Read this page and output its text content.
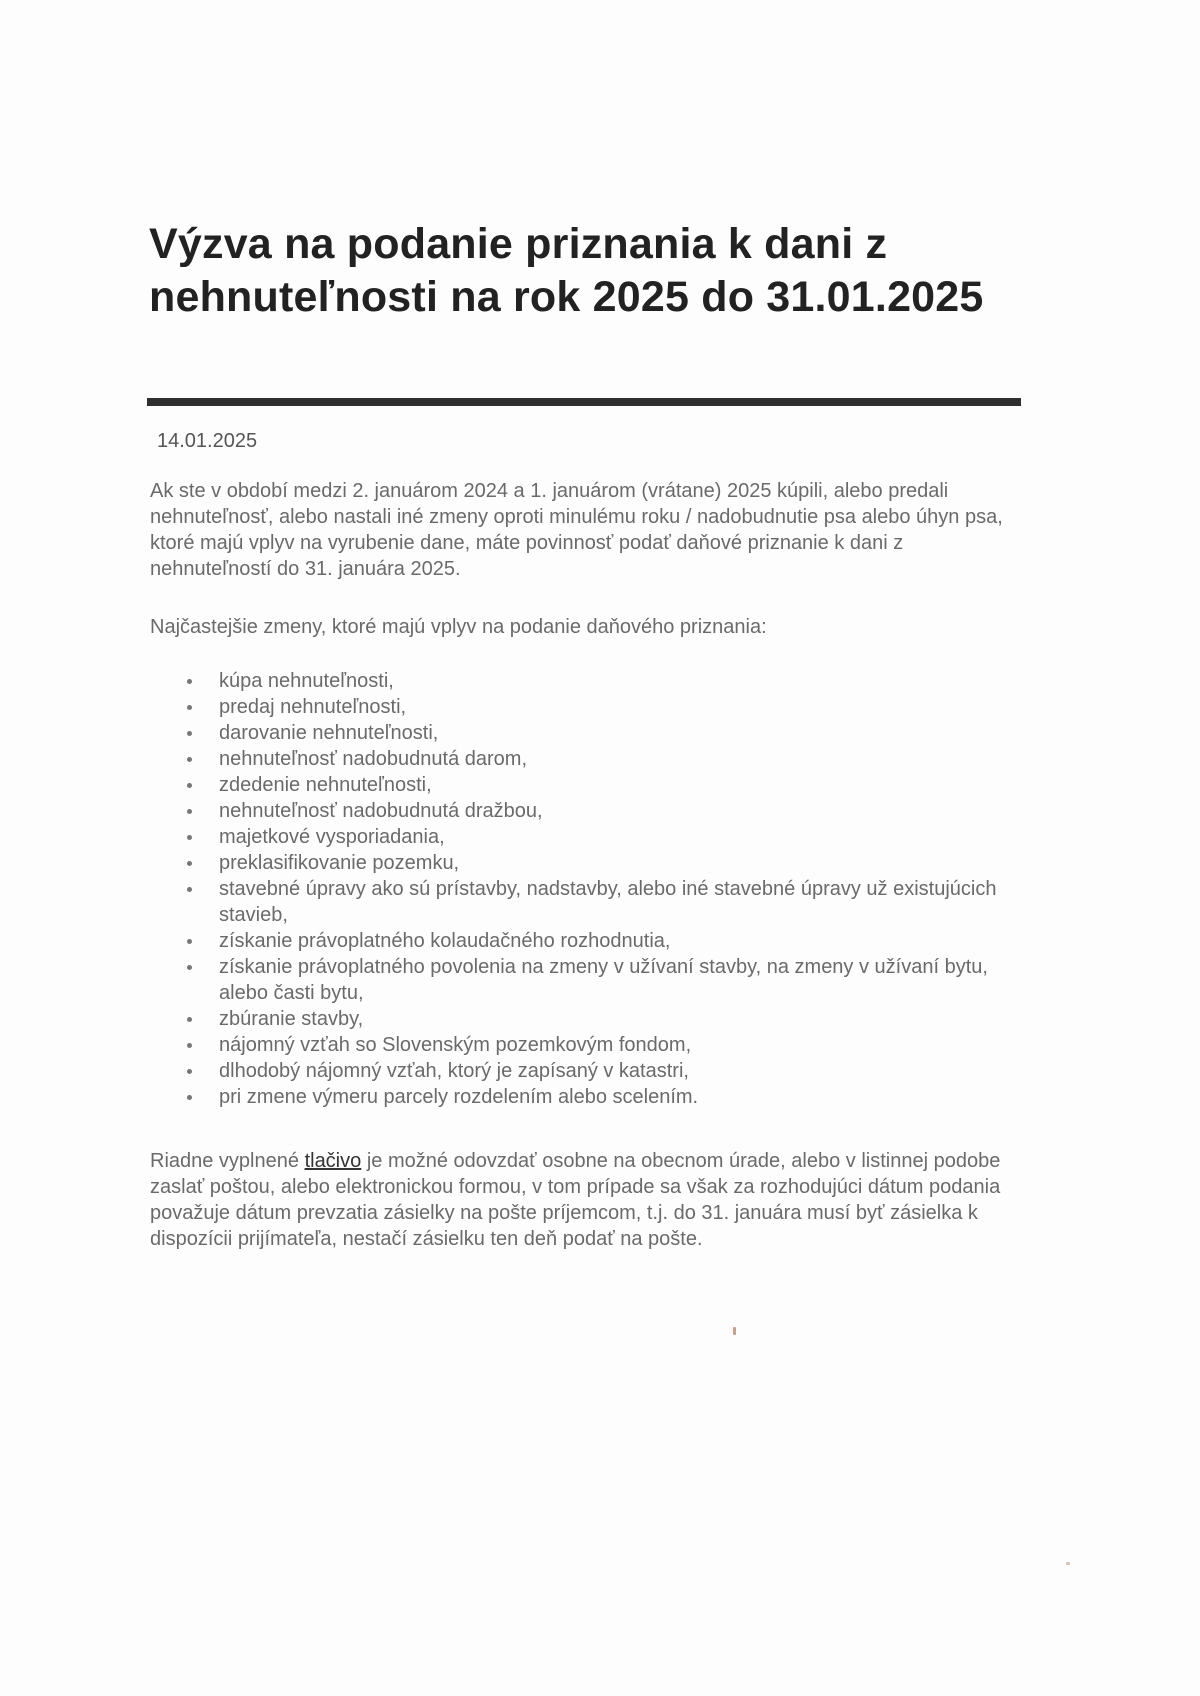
Výzva na podanie priznania k dani z nehnuteľnosti na rok 2025 do 31.01.2025
14.01.2025

Ak ste v období medzi 2. januárom 2024 a 1. januárom (vrátane) 2025 kúpili, alebo predali nehnuteľnosť, alebo nastali iné zmeny oproti minulému roku / nadobudnutie psa alebo úhyn psa, ktoré majú vplyv na vyrubenie dane, máte povinnosť podať daňové priznanie k dani z nehnuteľností do 31. januára 2025.

Najčastejšie zmeny, ktoré majú vplyv na podanie daňového priznania:

kúpa nehnuteľnosti,
predaj nehnuteľnosti,
darovanie nehnuteľnosti,
nehnuteľnosť nadobudnutá darom,
zdedenie nehnuteľnosti,
nehnuteľnosť nadobudnutá dražbou,
majetkové vysporiadania,
preklasifikovanie pozemku,
stavebné úpravy ako sú prístavby, nadstavby, alebo iné stavebné úpravy už existujúcich stavieb,
získanie právoplatného kolaudačného rozhodnutia,
získanie právoplatného povolenia na zmeny v užívaní stavby, na zmeny v užívaní bytu, alebo časti bytu,
zbúranie stavby,
nájomný vzťah so Slovenským pozemkovým fondom,
dlhodobý nájomný vzťah, ktorý je zapísaný v katastri,
pri zmene výmeru parcely rozdelením alebo scelením.

Riadne vyplnené tlačivo je možné odovzdať osobne na obecnom úrade, alebo v listinnej podobe zaslať poštou, alebo elektronickou formou, v tom prípade sa však za rozhodujúci dátum podania považuje dátum prevzatia zásielky na pošte príjemcom, t.j. do 31. januára musí byť zásielka k dispozícii prijímateľa, nestačí zásielku ten deň podať na pošte.
